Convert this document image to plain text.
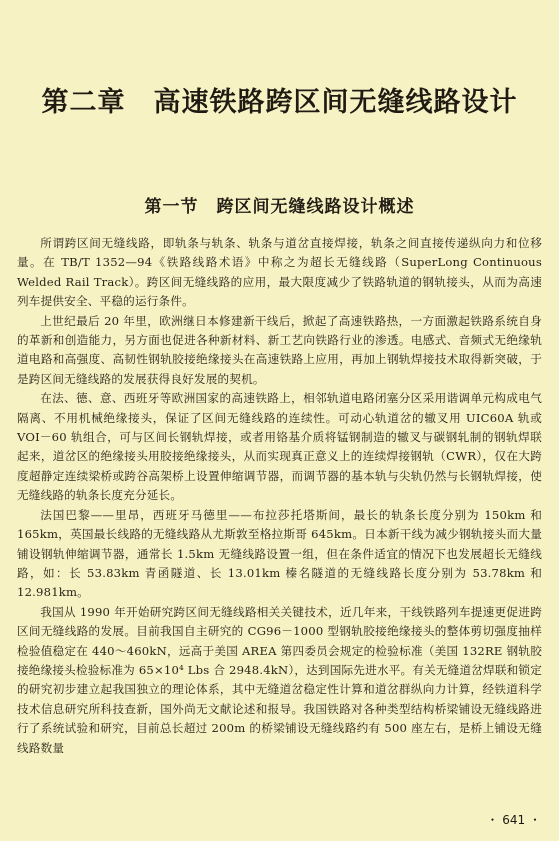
第二章　高速铁路跨区间无缝线路设计
第一节　跨区间无缝线路设计概述

所谓跨区间无缝线路，即轨条与轨条、轨条与道岔直接焊接，轨条之间直接传递纵向力和位移量。在 TB/T 1352—94《铁路线路术语》中称之为超长无缝线路（SuperLong Continuous Welded Rail Track）。跨区间无缝线路的应用，最大限度减少了铁路轨道的钢轨接头，从而为高速列车提供安全、平稳的运行条件。

上世纪最后 20 年里，欧洲继日本修建新干线后，掀起了高速铁路热，一方面激起铁路系统自身的革新和创造能力，另方面也促进各种新材料、新工艺向铁路行业的渗透。电感式、音频式无绝缘轨道电路和高强度、高韧性钢轨胶接绝缘接头在高速铁路上应用，再加上钢轨焊接技术取得新突破，于是跨区间无缝线路的发展获得良好发展的契机。

在法、德、意、西班牙等欧洲国家的高速铁路上，相邻轨道电路闭塞分区采用谐调单元构成电气隔离、不用机械绝缘接头，保证了区间无缝线路的连续性。可动心轨道岔的辙叉用 UIC60A 轨或 VOI－60 轨组合，可与区间长钢轨焊接，或者用铬基介质将锰钢制造的辙叉与碳钢轧制的钢轨焊联起来，道岔区的绝缘接头用胶接绝缘接头，从而实现真正意义上的连续焊接钢轨（CWR），仅在大跨度超静定连续梁桥或跨谷高架桥上设置伸缩调节器，而调节器的基本轨与尖轨仍然与长钢轨焊接，使无缝线路的轨条长度充分延长。

法国巴黎——里昂，西班牙马德里——布拉莎托塔斯间，最长的轨条长度分别为 150km 和 165km，英国最长线路的无缝线路从尤斯敦至格拉斯哥 645km。日本新干线为减少钢轨接头而大量铺设钢轨伸缩调节器，通常长 1.5km 无缝线路设置一组，但在条件适宜的情况下也发展超长无缝线路，如：长 53.83km 青函隧道、长 13.01km 榛名隧道的无缝线路长度分别为 53.78km 和 12.981km。

我国从 1990 年开始研究跨区间无缝线路相关关键技术，近几年来，干线铁路列车提速更促进跨区间无缝线路的发展。目前我国自主研究的 CG96－1000 型钢轨胶接绝缘接头的整体剪切强度抽样检验值稳定在 440～460kN，远高于美国 AREA 第四委员会规定的检验标准（美国 132RE 钢轨胶接绝缘接头检验标准为 65×10⁴ Lbs 合 2948.4kN），达到国际先进水平。有关无缝道岔焊联和锁定的研究初步建立起我国独立的理论体系，其中无缝道岔稳定性计算和道岔群纵向力计算，经铁道科学技术信息研究所科技查新，国外尚无文献论述和报导。我国铁路对各种类型结构桥梁铺设无缝线路进行了系统试验和研究，目前总长超过 200m 的桥梁铺设无缝线路约有 500 座左右，是桥上铺设无缝线路数量

・ 641 ・
